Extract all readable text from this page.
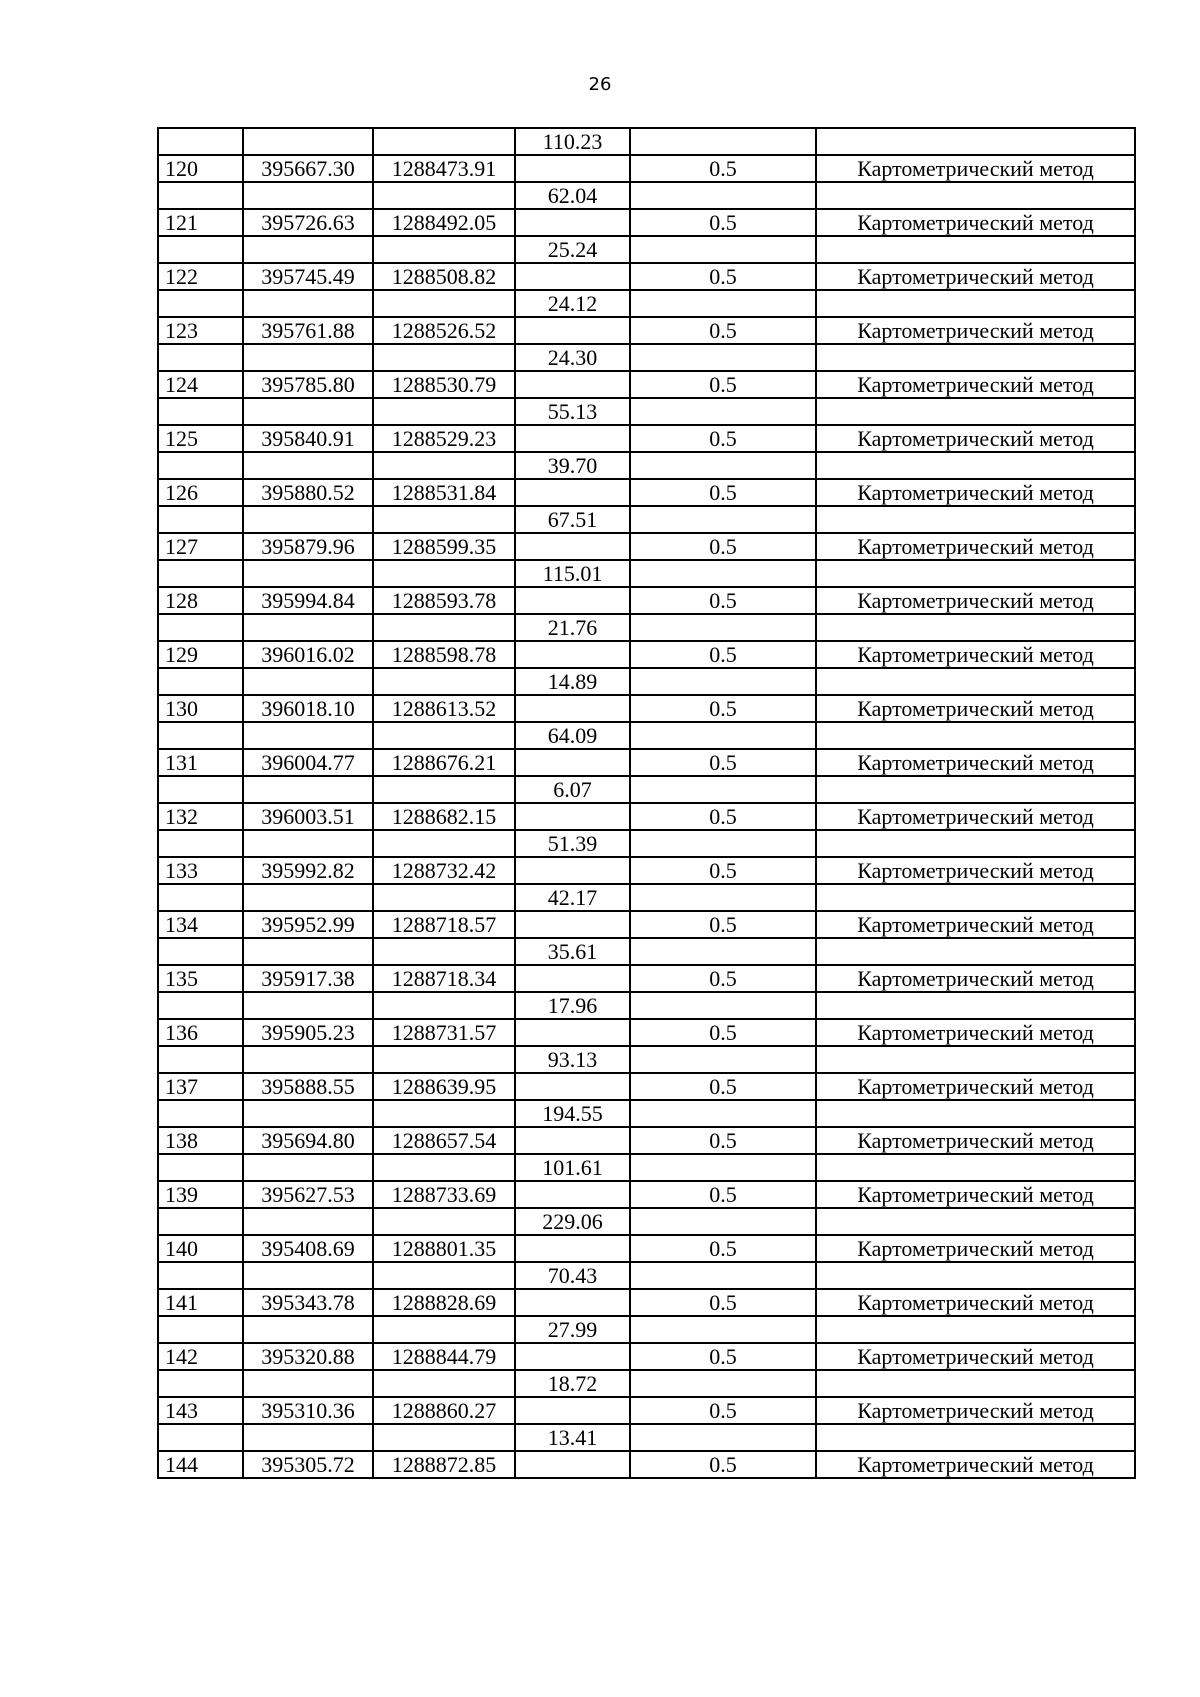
26
			110.23		
120	395667.30	1288473.91		0.5	Картометрический метод
			62.04		
121	395726.63	1288492.05		0.5	Картометрический метод
			25.24		
122	395745.49	1288508.82		0.5	Картометрический метод
			24.12		
123	395761.88	1288526.52		0.5	Картометрический метод
			24.30		
124	395785.80	1288530.79		0.5	Картометрический метод
			55.13		
125	395840.91	1288529.23		0.5	Картометрический метод
			39.70		
126	395880.52	1288531.84		0.5	Картометрический метод
			67.51		
127	395879.96	1288599.35		0.5	Картометрический метод
			115.01		
128	395994.84	1288593.78		0.5	Картометрический метод
			21.76		
129	396016.02	1288598.78		0.5	Картометрический метод
			14.89		
130	396018.10	1288613.52		0.5	Картометрический метод
			64.09		
131	396004.77	1288676.21		0.5	Картометрический метод
			6.07		
132	396003.51	1288682.15		0.5	Картометрический метод
			51.39		
133	395992.82	1288732.42		0.5	Картометрический метод
			42.17		
134	395952.99	1288718.57		0.5	Картометрический метод
			35.61		
135	395917.38	1288718.34		0.5	Картометрический метод
			17.96		
136	395905.23	1288731.57		0.5	Картометрический метод
			93.13		
137	395888.55	1288639.95		0.5	Картометрический метод
			194.55		
138	395694.80	1288657.54		0.5	Картометрический метод
			101.61		
139	395627.53	1288733.69		0.5	Картометрический метод
			229.06		
140	395408.69	1288801.35		0.5	Картометрический метод
			70.43		
141	395343.78	1288828.69		0.5	Картометрический метод
			27.99		
142	395320.88	1288844.79		0.5	Картометрический метод
			18.72		
143	395310.36	1288860.27		0.5	Картометрический метод
			13.41		
144	395305.72	1288872.85		0.5	Картометрический метод
